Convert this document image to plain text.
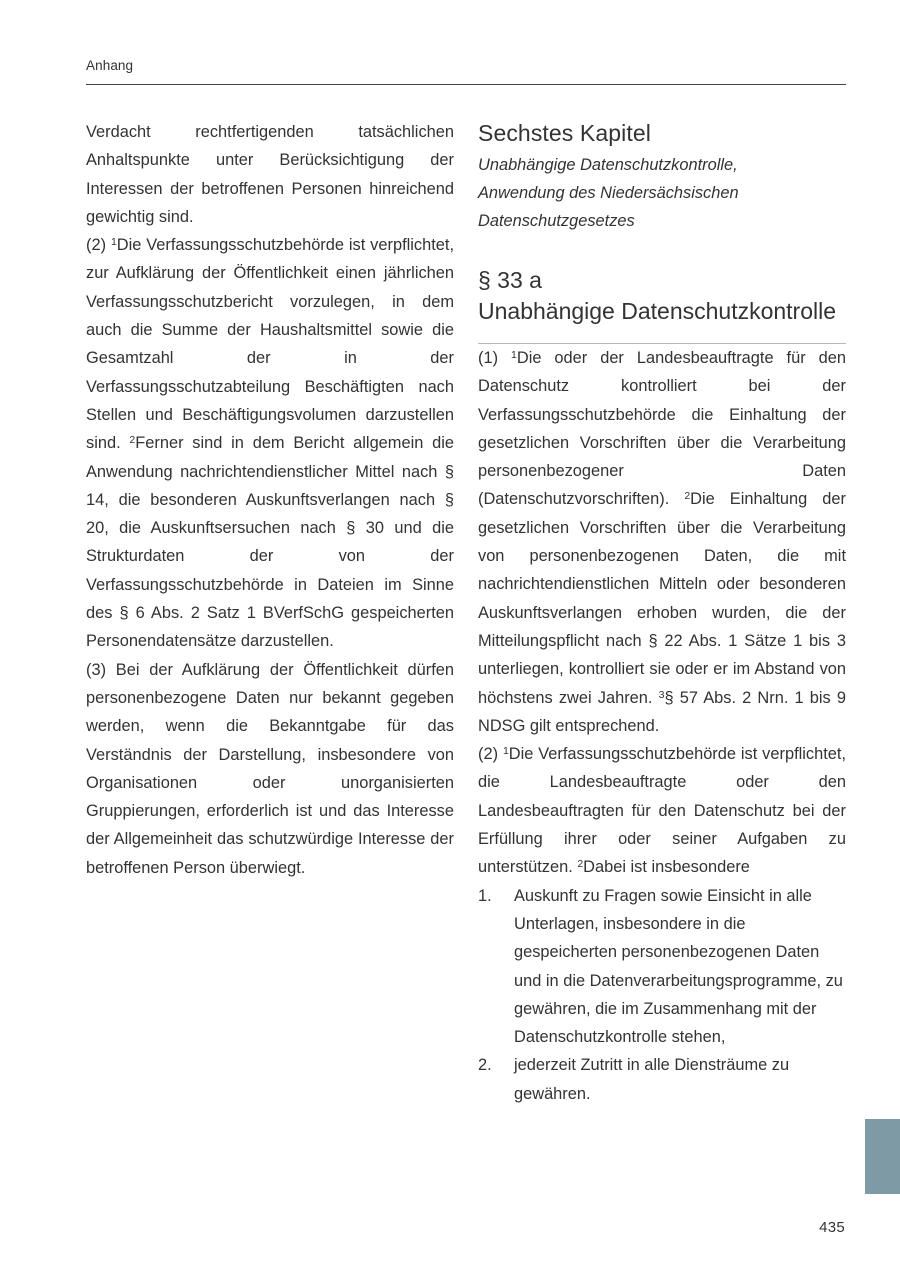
Anhang

Verdacht rechtfertigenden tatsächlichen Anhaltspunkte unter Berücksichtigung der Interessen der betroffenen Personen hinreichend gewichtig sind.

(2) $^1$Die Verfassungsschutzbehörde ist verpflichtet, zur Aufklärung der Öffentlichkeit einen jährlichen Verfassungsschutzbericht vorzulegen, in dem auch die Summe der Haushaltsmittel sowie die Gesamtzahl der in der Verfassungsschutzabteilung Beschäftigten nach Stellen und Beschäftigungsvolumen darzustellen sind. $^2$Ferner sind in dem Bericht allgemein die Anwendung nachrichtendienstlicher Mittel nach § 14, die besonderen Auskunftsverlangen nach § 20, die Auskunftsersuchen nach § 30 und die Strukturdaten der von der Verfassungsschutzbehörde in Dateien im Sinne des § 6 Abs. 2 Satz 1 BVerfSchG gespeicherten Personendatensätze darzustellen.

(3) Bei der Aufklärung der Öffentlichkeit dürfen personenbezogene Daten nur bekannt gegeben werden, wenn die Bekanntgabe für das Verständnis der Darstellung, insbesondere von Organisationen oder unorganisierten Gruppierungen, erforderlich ist und das Interesse der Allgemeinheit das schutzwürdige Interesse der betroffenen Person überwiegt.

Sechstes Kapitel
Unabhängige Datenschutzkontrolle,
Anwendung des Niedersächsischen
Datenschutzgesetzes
§ 33 a
Unabhängige Datenschutzkontrolle

(1) $^1$Die oder der Landesbeauftragte für den Datenschutz kontrolliert bei der Verfassungsschutzbehörde die Einhaltung der gesetzlichen Vorschriften über die Verarbeitung personenbezogener Daten (Datenschutzvorschriften). $^2$Die Einhaltung der gesetzlichen Vorschriften über die Verarbeitung von personenbezogenen Daten, die mit nachrichtendienstlichen Mitteln oder besonderen Auskunftsverlangen erhoben wurden, die der Mitteilungspflicht nach § 22 Abs. 1 Sätze 1 bis 3 unterliegen, kontrolliert sie oder er im Abstand von höchstens zwei Jahren. $^3$§ 57 Abs. 2 Nrn. 1 bis 9 NDSG gilt entsprechend.

(2) $^1$Die Verfassungsschutzbehörde ist verpflichtet, die Landesbeauftragte oder den Landesbeauftragten für den Datenschutz bei der Erfüllung ihrer oder seiner Aufgaben zu unterstützen. $^2$Dabei ist insbesondere

1.	Auskunft zu Fragen sowie Einsicht in alle Unterlagen, insbesondere in die gespeicherten personenbezogenen Daten und in die Datenverarbeitungsprogramme, zu gewähren, die im Zusammenhang mit der Datenschutzkontrolle stehen,
2.	jederzeit Zutritt in alle Diensträume zu gewähren.
435
